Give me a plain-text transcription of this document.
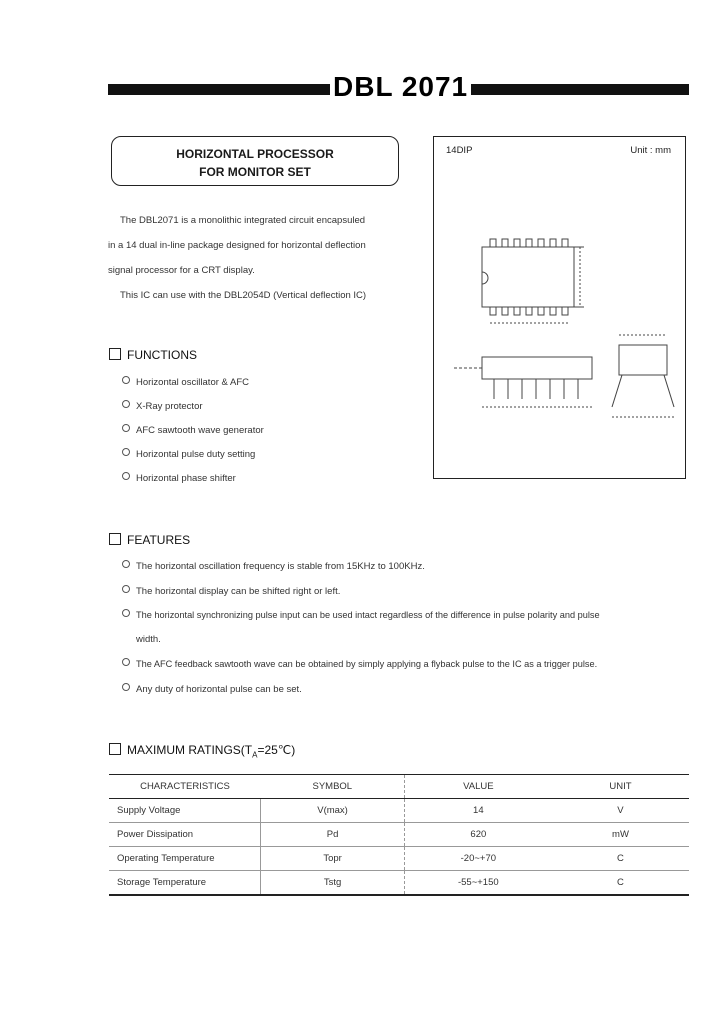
DBL 2071
HORIZONTAL PROCESSOR
FOR MONITOR SET
The DBL2071 is a monolithic integrated circuit encapsuled
in a 14 dual in-line package designed for horizontal deflection
signal processor for a CRT display.
This IC can use with the DBL2054D (Vertical deflection IC)
FUNCTIONS
Horizontal oscillator & AFC
X-Ray protector
AFC sawtooth wave generator
Horizontal pulse duty setting
Horizontal phase shifter
14DIP	Unit : mm
FEATURES
The horizontal oscillation frequency is stable from 15KHz to 100KHz.
The horizontal display can be shifted right or left.
The horizontal synchronizing pulse input can be used intact regardless of the difference in pulse polarity and pulse
width.
The AFC feedback sawtooth wave can be obtained by simply applying a flyback pulse to the IC as a trigger pulse.
Any duty of horizontal pulse can be set.
MAXIMUM $RATINGS(T_A=25℃)$
CHARACTERISTICS	SYMBOL	VALUE	UNIT
Supply Voltage	V(max)	14	V
Power Dissipation	Pd	620	mW
Operating Temperature	Topr	-20~+70	C
Storage Temperature	Tstg	-55~+150	C
